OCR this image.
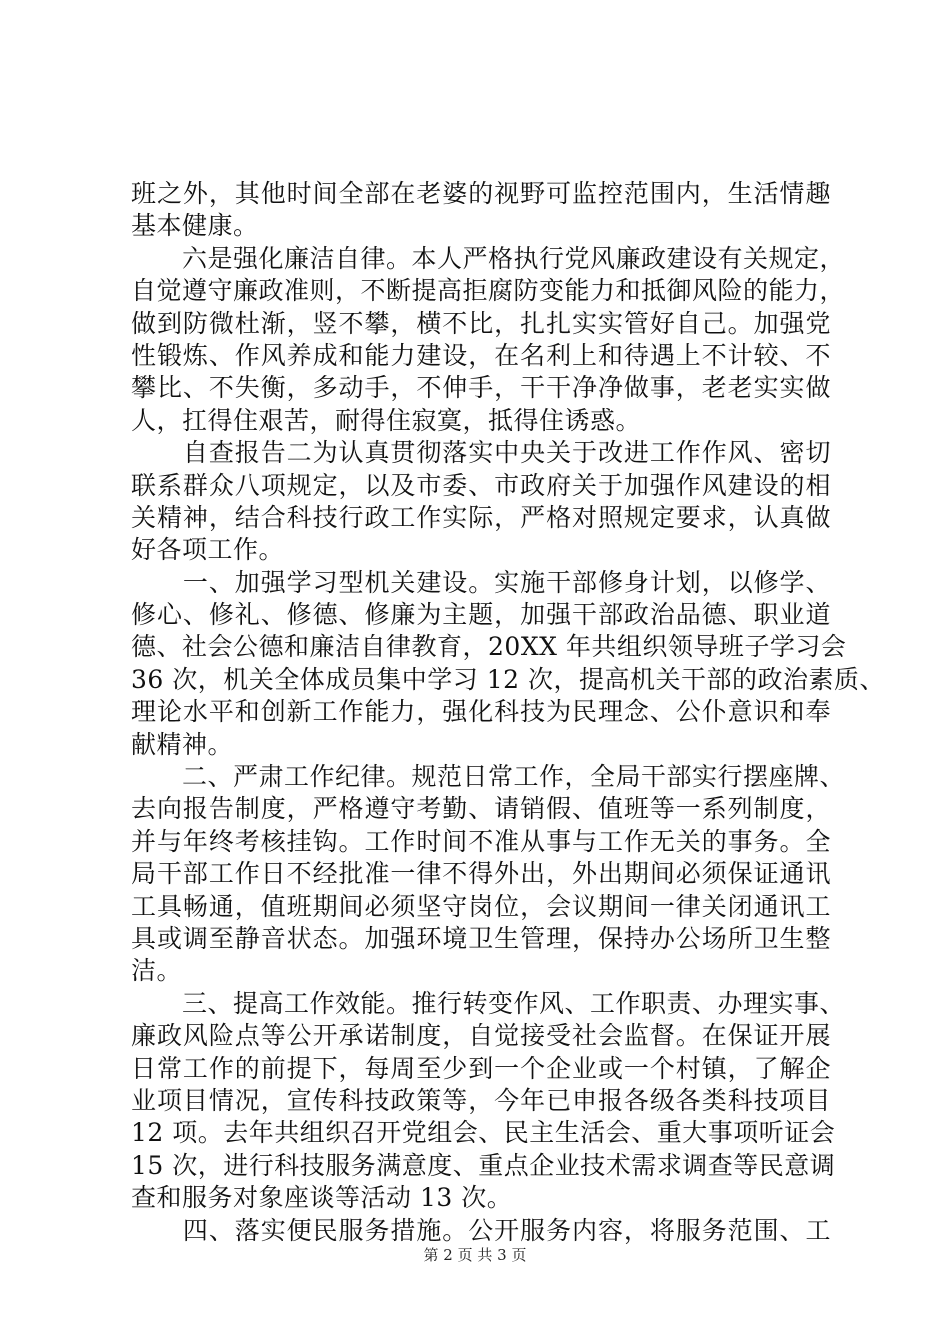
班之外，其他时间全部在老婆的视野可监控范围内，生活情趣
基本健康。
　　六是强化廉洁自律。本人严格执行党风廉政建设有关规定，
自觉遵守廉政准则，不断提高拒腐防变能力和抵御风险的能力，
做到防微杜渐，竖不攀，横不比，扎扎实实管好自己。加强党
性锻炼、作风养成和能力建设，在名利上和待遇上不计较、不
攀比、不失衡，多动手，不伸手，干干净净做事，老老实实做
人，扛得住艰苦，耐得住寂寞，抵得住诱惑。
　　自查报告二为认真贯彻落实中央关于改进工作作风、密切
联系群众八项规定，以及市委、市政府关于加强作风建设的相
关精神，结合科技行政工作实际，严格对照规定要求，认真做
好各项工作。
　　一、加强学习型机关建设。实施干部修身计划，以修学、
修心、修礼、修德、修廉为主题，加强干部政治品德、职业道
德、社会公德和廉洁自律教育，20XX 年共组织领导班子学习会
36 次，机关全体成员集中学习 12 次，提高机关干部的政治素质、
理论水平和创新工作能力，强化科技为民理念、公仆意识和奉
献精神。
　　二、严肃工作纪律。规范日常工作，全局干部实行摆座牌、
去向报告制度，严格遵守考勤、请销假、值班等一系列制度，
并与年终考核挂钩。工作时间不准从事与工作无关的事务。全
局干部工作日不经批准一律不得外出，外出期间必须保证通讯
工具畅通，值班期间必须坚守岗位，会议期间一律关闭通讯工
具或调至静音状态。加强环境卫生管理，保持办公场所卫生整
洁。
　　三、提高工作效能。推行转变作风、工作职责、办理实事、
廉政风险点等公开承诺制度，自觉接受社会监督。在保证开展
日常工作的前提下，每周至少到一个企业或一个村镇，了解企
业项目情况，宣传科技政策等，今年已申报各级各类科技项目
12 项。去年共组织召开党组会、民主生活会、重大事项听证会
15 次，进行科技服务满意度、重点企业技术需求调查等民意调
查和服务对象座谈等活动 13 次。
　　四、落实便民服务措施。公开服务内容，将服务范围、工
第 2 页 共 3 页
